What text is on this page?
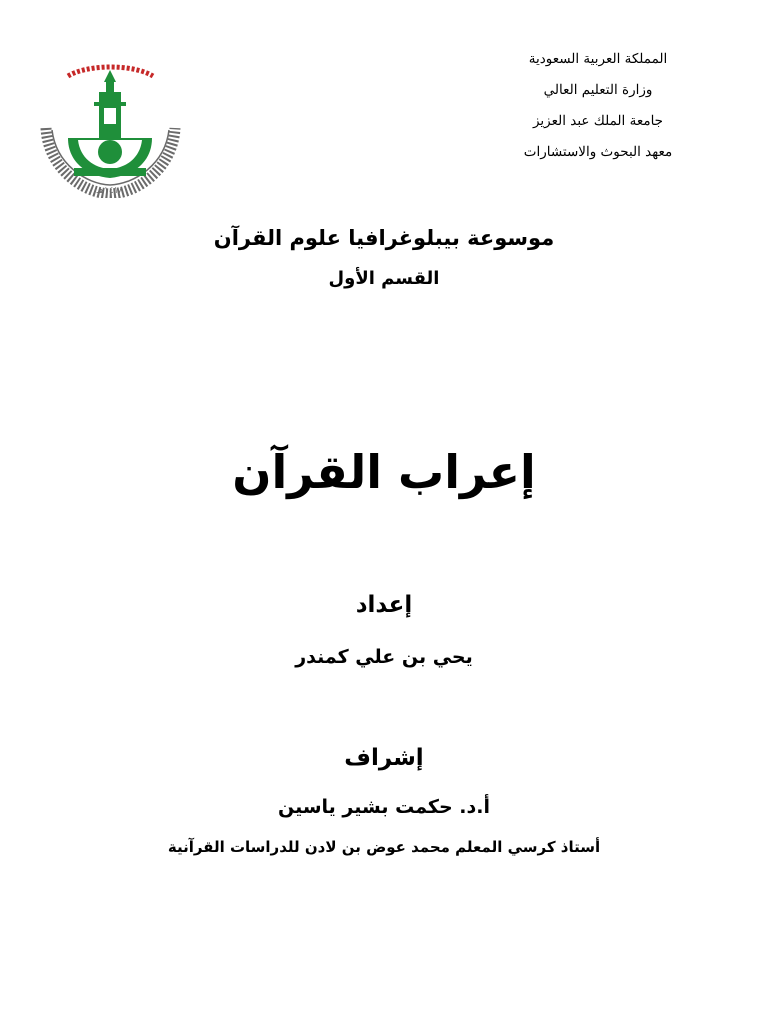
المملكة العربية السعودية
وزارة التعليم العالي
جامعة الملك عبد العزيز
معهد البحوث والاستشارات
١٤١٨هـ
موسوعة بيبلوغرافيا علوم القرآن
القسم الأول
إعراب القرآن
إعداد
يحي بن علي كمندر
إشراف
أ.د. حكمت بشير ياسين
أستاذ كرسي المعلم محمد عوض بن لادن للدراسات القرآنية
